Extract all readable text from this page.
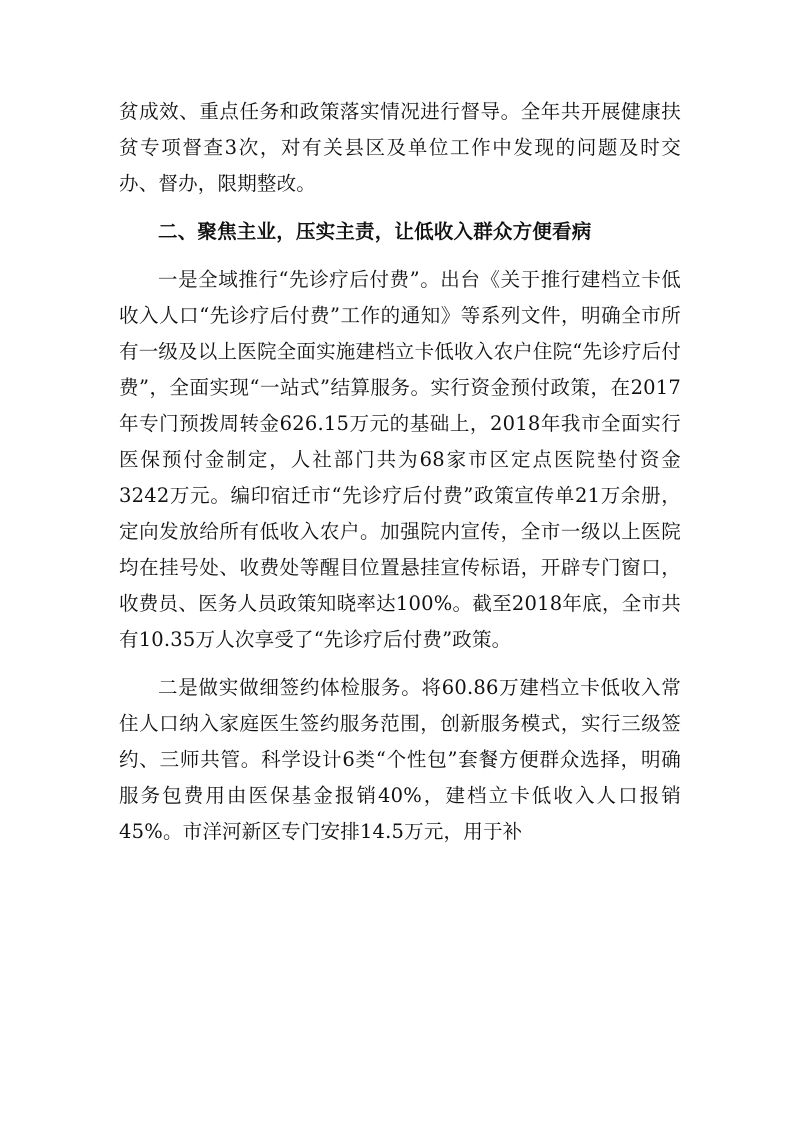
贫成效、重点任务和政策落实情况进行督导。全年共开展健康扶贫专项督查3次，对有关县区及单位工作中发现的问题及时交办、督办，限期整改。

二、聚焦主业，压实主责，让低收入群众方便看病

一是全域推行“先诊疗后付费”。出台《关于推行建档立卡低收入人口“先诊疗后付费”工作的通知》等系列文件，明确全市所有一级及以上医院全面实施建档立卡低收入农户住院“先诊疗后付费”，全面实现“一站式”结算服务。实行资金预付政策，在2017年专门预拨周转金626.15万元的基础上，2018年我市全面实行医保预付金制定，人社部门共为68家市区定点医院垫付资金3242万元。编印宿迁市“先诊疗后付费”政策宣传单21万余册，定向发放给所有低收入农户。加强院内宣传，全市一级以上医院均在挂号处、收费处等醒目位置悬挂宣传标语，开辟专门窗口，收费员、医务人员政策知晓率达100%。截至2018年底，全市共有10.35万人次享受了“先诊疗后付费”政策。

二是做实做细签约体检服务。将60.86万建档立卡低收入常住人口纳入家庭医生签约服务范围，创新服务模式，实行三级签约、三师共管。科学设计6类“个性包”套餐方便群众选择，明确服务包费用由医保基金报销40%，建档立卡低收入人口报销45%。市洋河新区专门安排14.5万元，用于补
